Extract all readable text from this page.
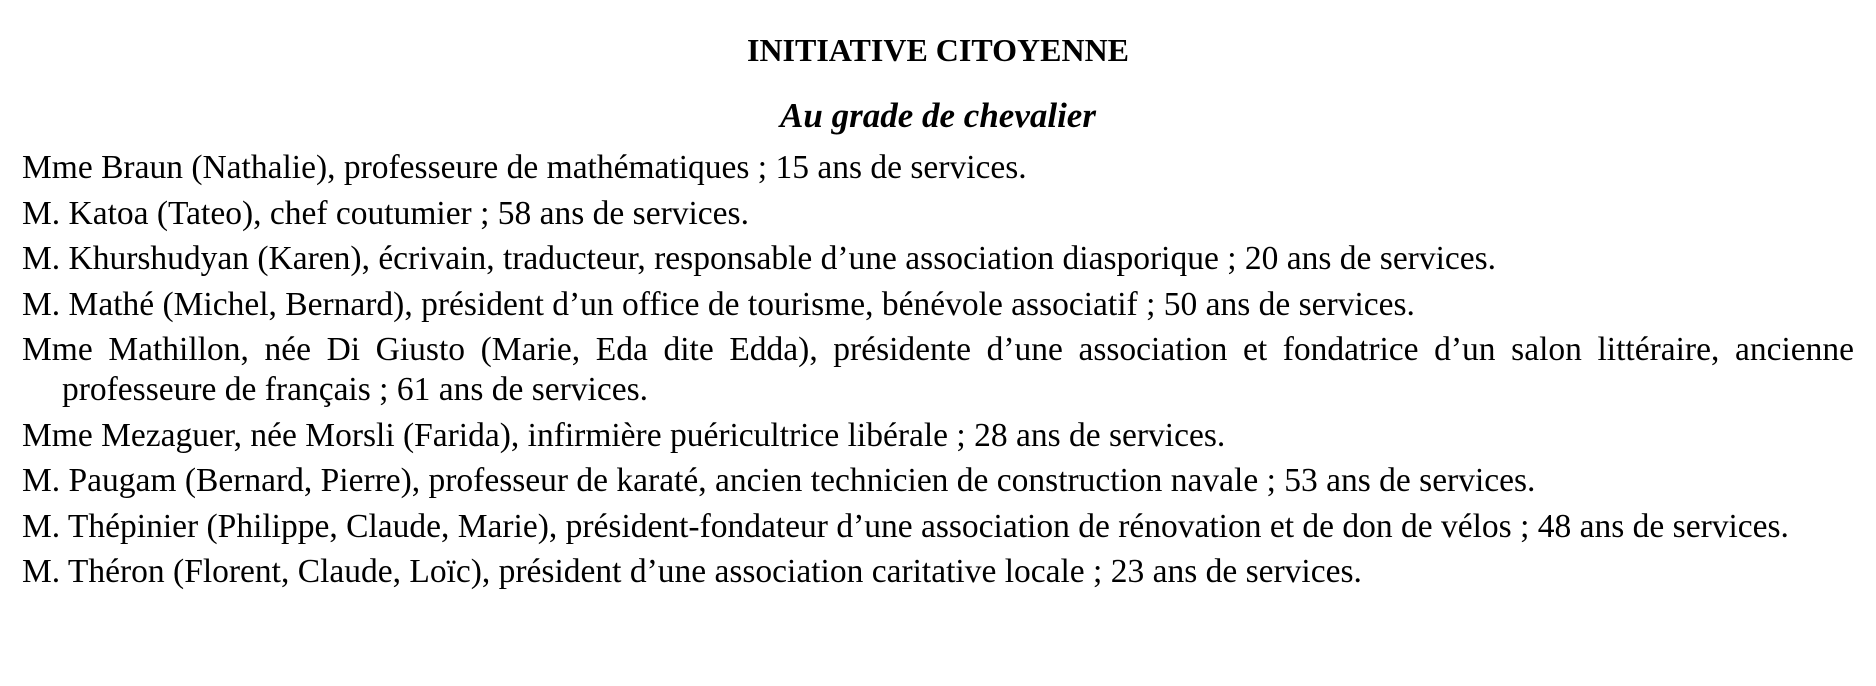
INITIATIVE CITOYENNE
Au grade de chevalier
Mme Braun (Nathalie), professeure de mathématiques ; 15 ans de services.
M. Katoa (Tateo), chef coutumier ; 58 ans de services.
M. Khurshudyan (Karen), écrivain, traducteur, responsable d’une association diasporique ; 20 ans de services.
M. Mathé (Michel, Bernard), président d’un office de tourisme, bénévole associatif ; 50 ans de services.
Mme Mathillon, née Di Giusto (Marie, Eda dite Edda), présidente d’une association et fondatrice d’un salon littéraire, ancienne professeure de français ; 61 ans de services.
Mme Mezaguer, née Morsli (Farida), infirmière puéricultrice libérale ; 28 ans de services.
M. Paugam (Bernard, Pierre), professeur de karaté, ancien technicien de construction navale ; 53 ans de services.
M. Thépinier (Philippe, Claude, Marie), président-fondateur d’une association de rénovation et de don de vélos ; 48 ans de services.
M. Théron (Florent, Claude, Loïc), président d’une association caritative locale ; 23 ans de services.
